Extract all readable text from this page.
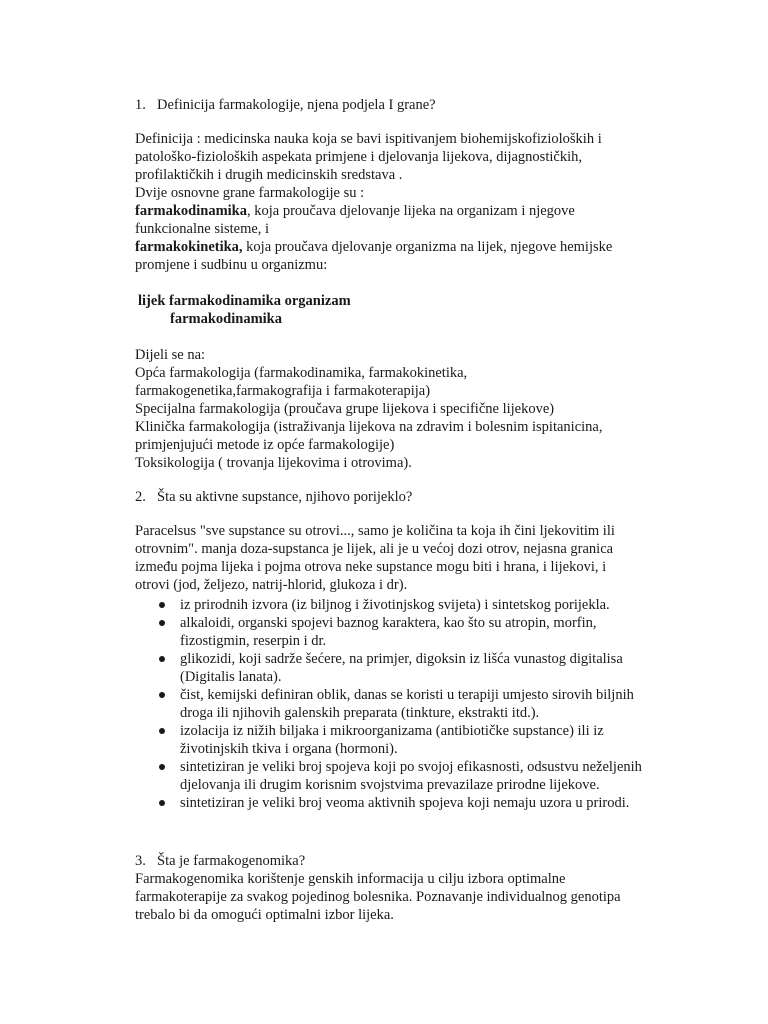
1. Definicija farmakologije, njena podjela I grane?

Definicija : medicinska nauka koja se bavi ispitivanjem biohemijskofizioloških i patološko-fizioloških aspekata primjene i djelovanja lijekova, dijagnostičkih, profilaktičkih i drugih medicinskih sredstava .

Dvije osnovne grane farmakologije su :

farmakodinamika, koja proučava djelovanje lijeka na organizam i njegove funkcionalne sisteme, i

farmakokinetika, koja proučava djelovanje organizma na lijek, njegove hemijske promjene i sudbinu u organizmu:

lijek farmakodinamika organizam
farmakodinamika

Dijeli se na:

Opća farmakologija (farmakodinamika, farmakokinetika, farmakogenetika,farmakografija i farmakoterapija)

Specijalna farmakologija (proučava grupe lijekova i specifične lijekove)

Klinička farmakologija (istraživanja lijekova na zdravim i bolesnim ispitanicina, primjenjujući metode iz opće farmakologije)

Toksikologija ( trovanja lijekovima i otrovima).

2. Šta su aktivne supstance, njihovo porijeklo?
Paracelsus "sve supstance su otrovi..., samo je količina ta koja ih čini ljekovitim ili otrovnim". manja doza-supstanca je lijek, ali je u većoj dozi otrov, nejasna granica između pojma lijeka i pojma otrova neke supstance mogu biti i hrana, i lijekovi, i otrovi (jod, željezo, natrij-hlorid, glukoza i dr).
iz prirodnih izvora (iz biljnog i životinjskog svijeta) i sintetskog porijekla.
alkaloidi, organski spojevi baznog karaktera, kao što su atropin, morfin, fizostigmin, reserpin i dr.
glikozidi, koji sadrže šećere, na primjer, digoksin iz lišća vunastog digitalisa (Digitalis lanata).
čist, kemijski definiran oblik, danas se koristi u terapiji umjesto sirovih biljnih droga ili njihovih galenskih preparata (tinkture, ekstrakti itd.).
izolacija iz nižih biljaka i mikroorganizama (antibiotičke supstance) ili iz životinjskih tkiva i organa (hormoni).
sintetiziran je veliki broj spojeva koji po svojoj efikasnosti, odsustvu neželjenih djelovanja ili drugim korisnim svojstvima prevazilaze prirodne lijekove.
sintetiziran je veliki broj veoma aktivnih spojeva koji nemaju uzora u prirodi.
3. Šta je farmakogenomika?
Farmakogenomika korištenje genskih informacija u cilju izbora optimalne farmakoterapije za svakog pojedinog bolesnika. Poznavanje individualnog genotipa trebalo bi da omogući optimalni izbor lijeka.
